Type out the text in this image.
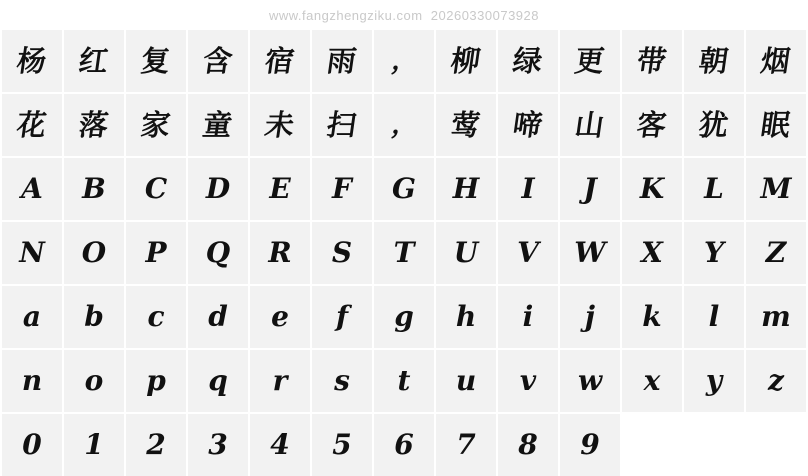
www.fangzhengziku.com  20260330073928
杨 红 复 含 宿 雨 ， 柳 绿 更 带 朝 烟
花 落 家 童 未 扫 ， 莺 啼 山 客 犹 眠
A B C D E F G H I J K L M
N O P Q R S T U V W X Y Z
a b c d e f g h i j k l m
n o p q r s t u v w x y z
0 1 2 3 4 5 6 7 8 9
